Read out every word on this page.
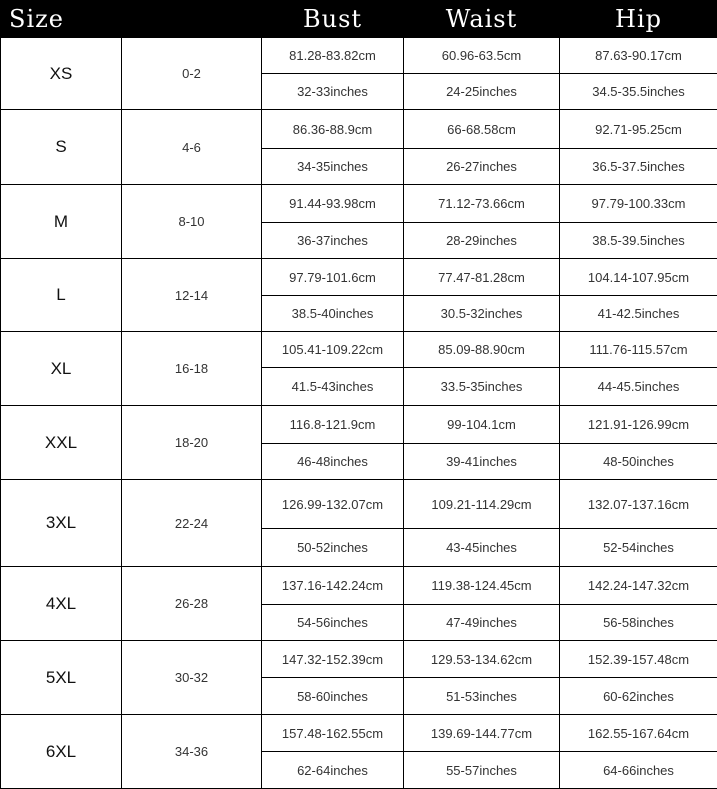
Size		Bust	Waist	Hip
XS	0-2	81.28-83.82cm	60.96-63.5cm	87.63-90.17cm
		32-33inches	24-25inches	34.5-35.5inches
S	4-6	86.36-88.9cm	66-68.58cm	92.71-95.25cm
		34-35inches	26-27inches	36.5-37.5inches
M	8-10	91.44-93.98cm	71.12-73.66cm	97.79-100.33cm
		36-37inches	28-29inches	38.5-39.5inches
L	12-14	97.79-101.6cm	77.47-81.28cm	104.14-107.95cm
		38.5-40inches	30.5-32inches	41-42.5inches
XL	16-18	105.41-109.22cm	85.09-88.90cm	111.76-115.57cm
		41.5-43inches	33.5-35inches	44-45.5inches
XXL	18-20	116.8-121.9cm	99-104.1cm	121.91-126.99cm
		46-48inches	39-41inches	48-50inches
3XL	22-24	126.99-132.07cm	109.21-114.29cm	132.07-137.16cm
		50-52inches	43-45inches	52-54inches
4XL	26-28	137.16-142.24cm	119.38-124.45cm	142.24-147.32cm
		54-56inches	47-49inches	56-58inches
5XL	30-32	147.32-152.39cm	129.53-134.62cm	152.39-157.48cm
		58-60inches	51-53inches	60-62inches
6XL	34-36	157.48-162.55cm	139.69-144.77cm	162.55-167.64cm
		62-64inches	55-57inches	64-66inches
